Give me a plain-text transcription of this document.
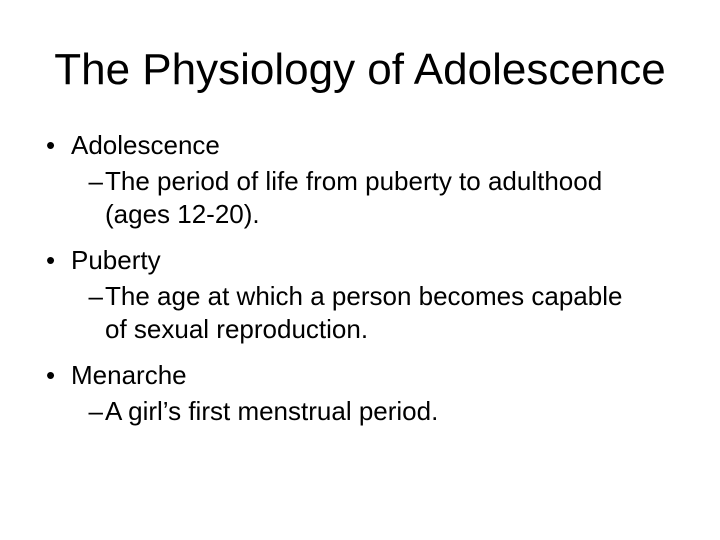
The Physiology of Adolescence
• Adolescence
– The period of life from puberty to adulthood (ages 12-20).
• Puberty
– The age at which a person becomes capable of sexual reproduction.
• Menarche
– A girl’s first menstrual period.
